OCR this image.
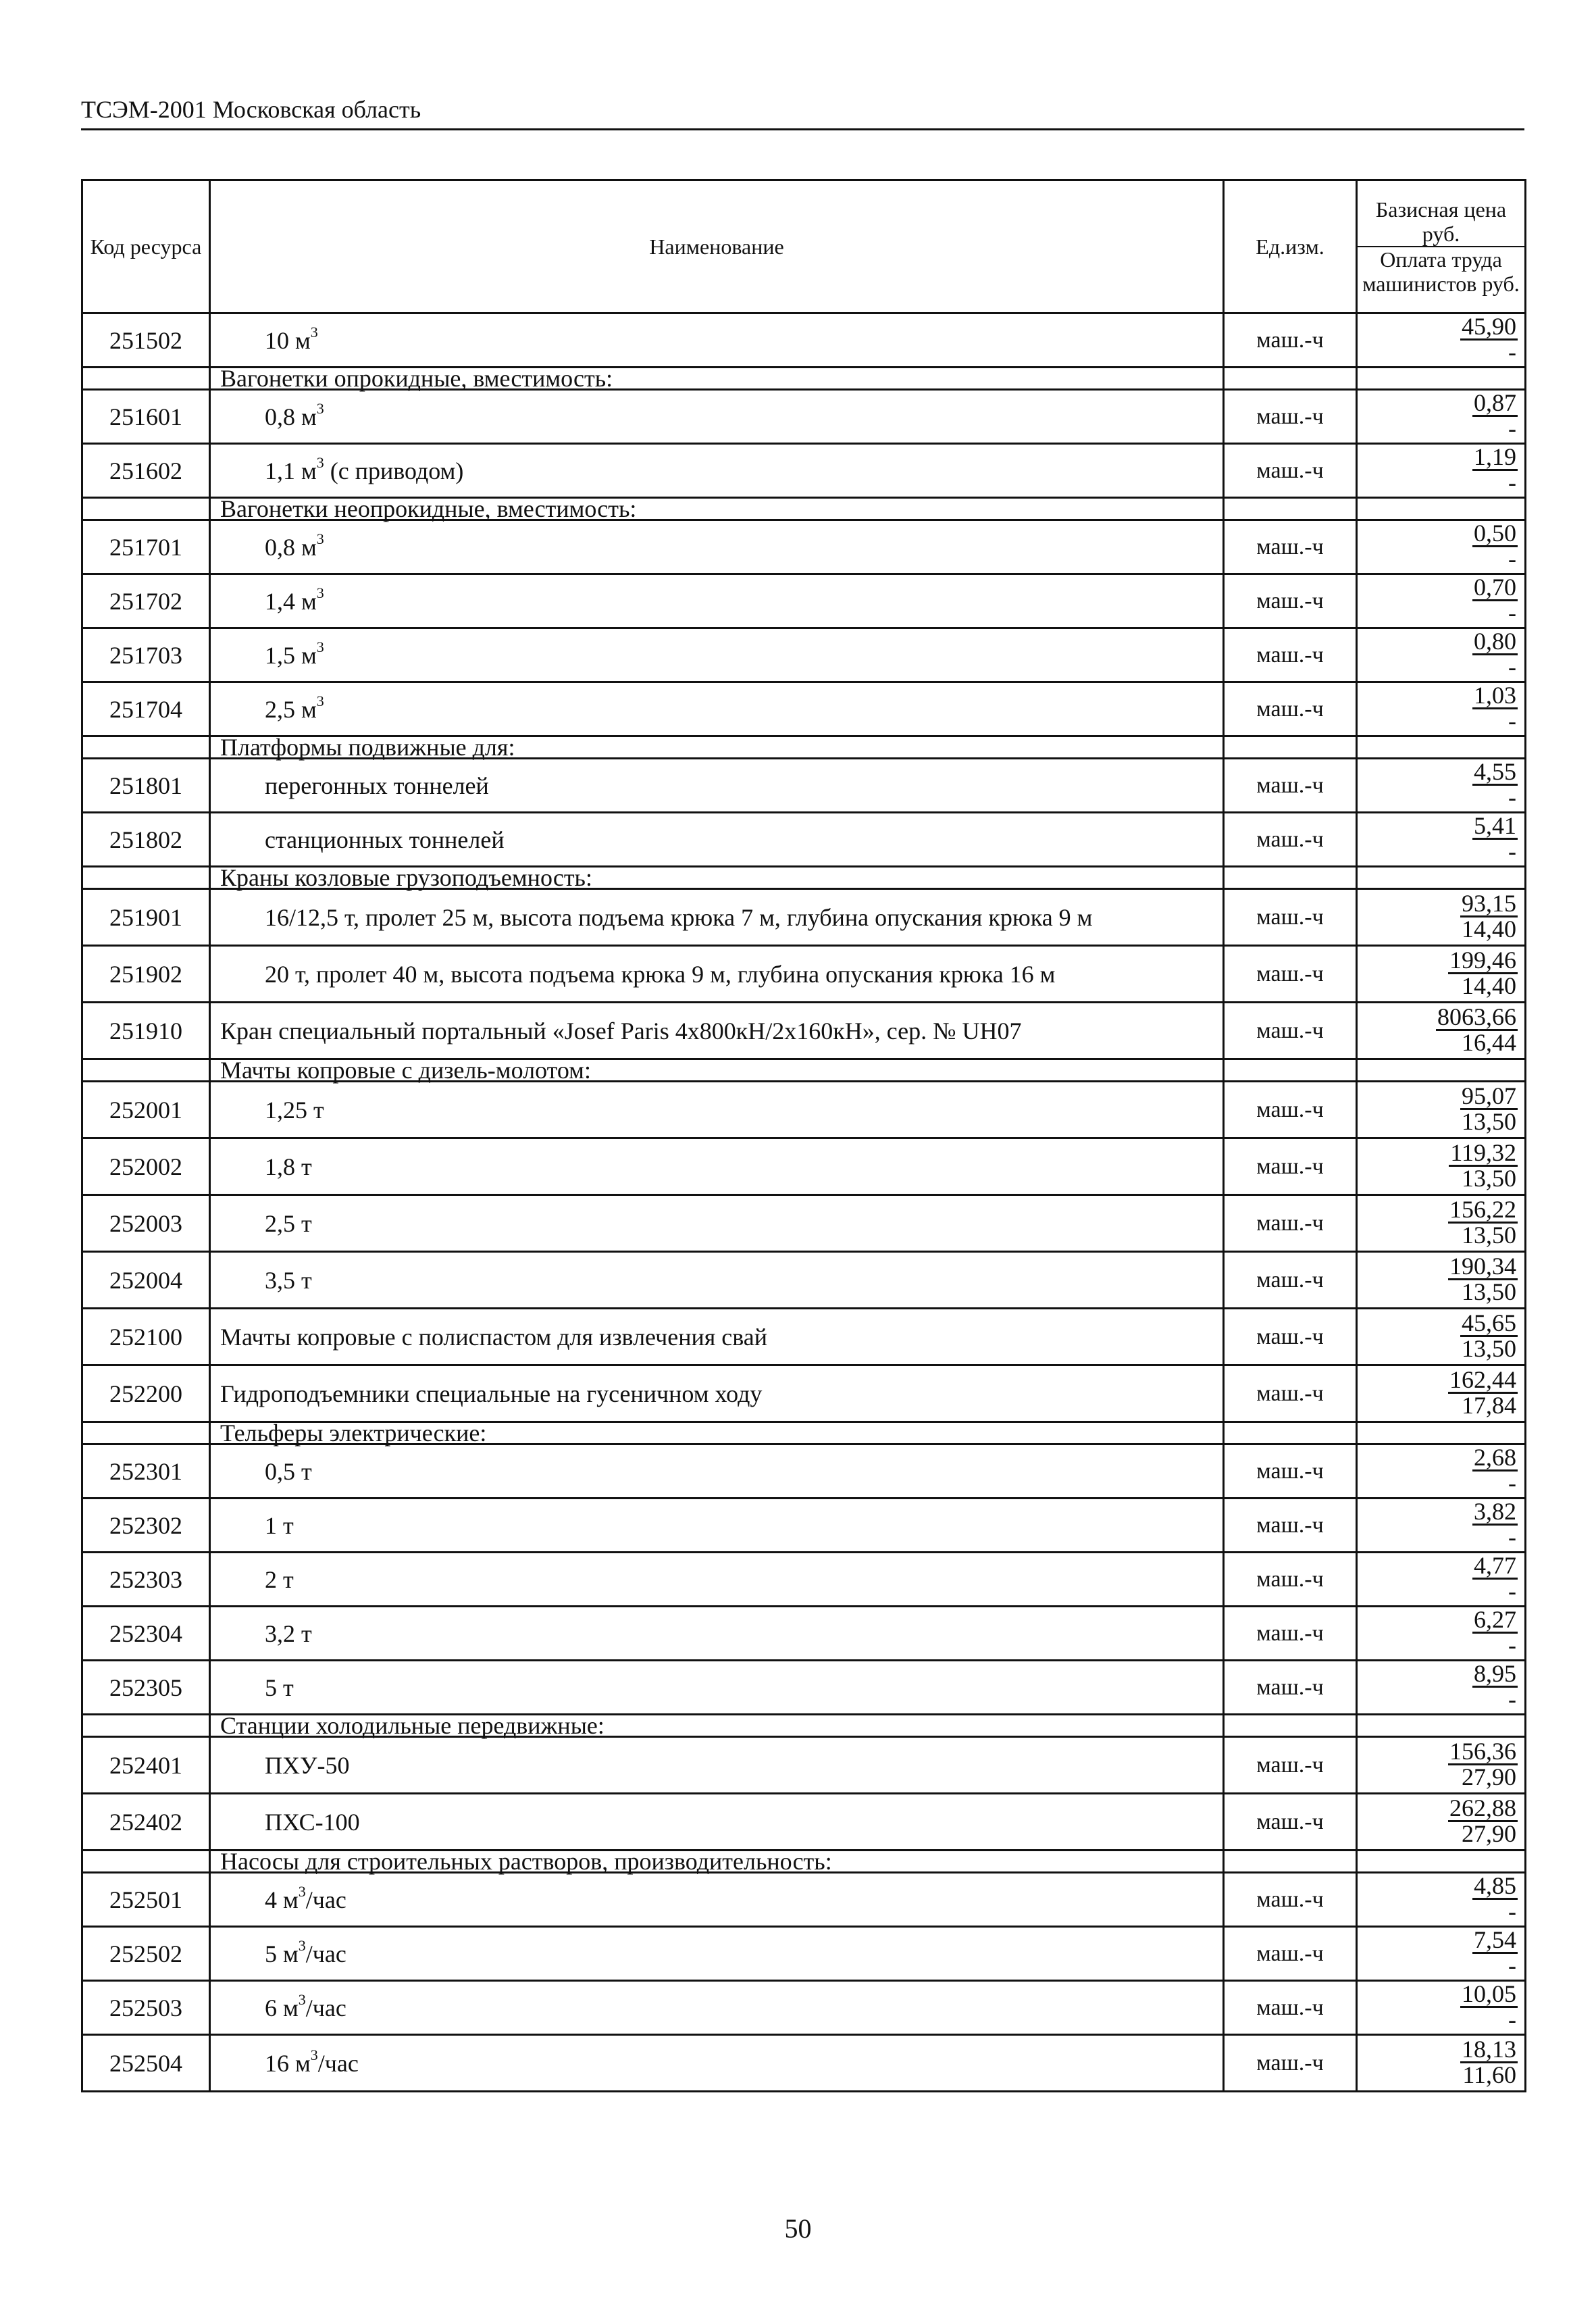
ТСЭМ-2001 Московская область
Код ресурса	Наименование	Ед.изм.	Базисная цена руб.
Оплата труда машинистов руб.

251502	10 $м^3$	маш.-ч	$\frac{45,90}{-}$

	Вагонетки опрокидные, вместимость:		
251601	0,8 $м^3$	маш.-ч	$\frac{0,87}{-}$

251602	1,1 $м^3$ (с приводом)	маш.-ч	$\frac{1,19}{-}$

	Вагонетки неопрокидные, вместимость:		
251701	0,8 $м^3$	маш.-ч	$\frac{0,50}{-}$

251702	1,4 $м^3$	маш.-ч	$\frac{0,70}{-}$

251703	1,5 $м^3$	маш.-ч	$\frac{0,80}{-}$

251704	2,5 $м^3$	маш.-ч	$\frac{1,03}{-}$

	Платформы подвижные для:		
251801	перегонных тоннелей	маш.-ч	$\frac{4,55}{-}$

251802	станционных тоннелей	маш.-ч	$\frac{5,41}{-}$

	Краны козловые грузоподъемность:		
251901	16/12,5 т, пролет 25 м, высота подъема крюка 7 м, глубина опускания крюка 9 м	маш.-ч	$\frac{93,15}{14,40}$

251902	20 т, пролет 40 м, высота подъема крюка 9 м, глубина опускания крюка 16 м	маш.-ч	$\frac{199,46}{14,40}$

251910	Кран специальный портальный «Josef Paris 4x800кН/2x160кН», сер. № UH07	маш.-ч	$\frac{8063,66}{16,44}$

	Мачты копровые с дизель-молотом:		
252001	1,25 т	маш.-ч	$\frac{95,07}{13,50}$

252002	1,8 т	маш.-ч	$\frac{119,32}{13,50}$

252003	2,5 т	маш.-ч	$\frac{156,22}{13,50}$

252004	3,5 т	маш.-ч	$\frac{190,34}{13,50}$

252100	Мачты копровые с полиспастом для извлечения свай	маш.-ч	$\frac{45,65}{13,50}$

252200	Гидроподъемники специальные на гусеничном ходу	маш.-ч	$\frac{162,44}{17,84}$

	Тельферы электрические:		
252301	0,5 т	маш.-ч	$\frac{2,68}{-}$

252302	1 т	маш.-ч	$\frac{3,82}{-}$

252303	2 т	маш.-ч	$\frac{4,77}{-}$

252304	3,2 т	маш.-ч	$\frac{6,27}{-}$

252305	5 т	маш.-ч	$\frac{8,95}{-}$

	Станции холодильные передвижные:		
252401	ПХУ-50	маш.-ч	$\frac{156,36}{27,90}$

252402	ПХС-100	маш.-ч	$\frac{262,88}{27,90}$

	Насосы для строительных растворов, производительность:		
252501	4 $м^3$/час	маш.-ч	$\frac{4,85}{-}$

252502	5 $м^3$/час	маш.-ч	$\frac{7,54}{-}$

252503	6 $м^3$/час	маш.-ч	$\frac{10,05}{-}$

252504	16 $м^3$/час	маш.-ч	$\frac{18,13}{11,60}$
50
